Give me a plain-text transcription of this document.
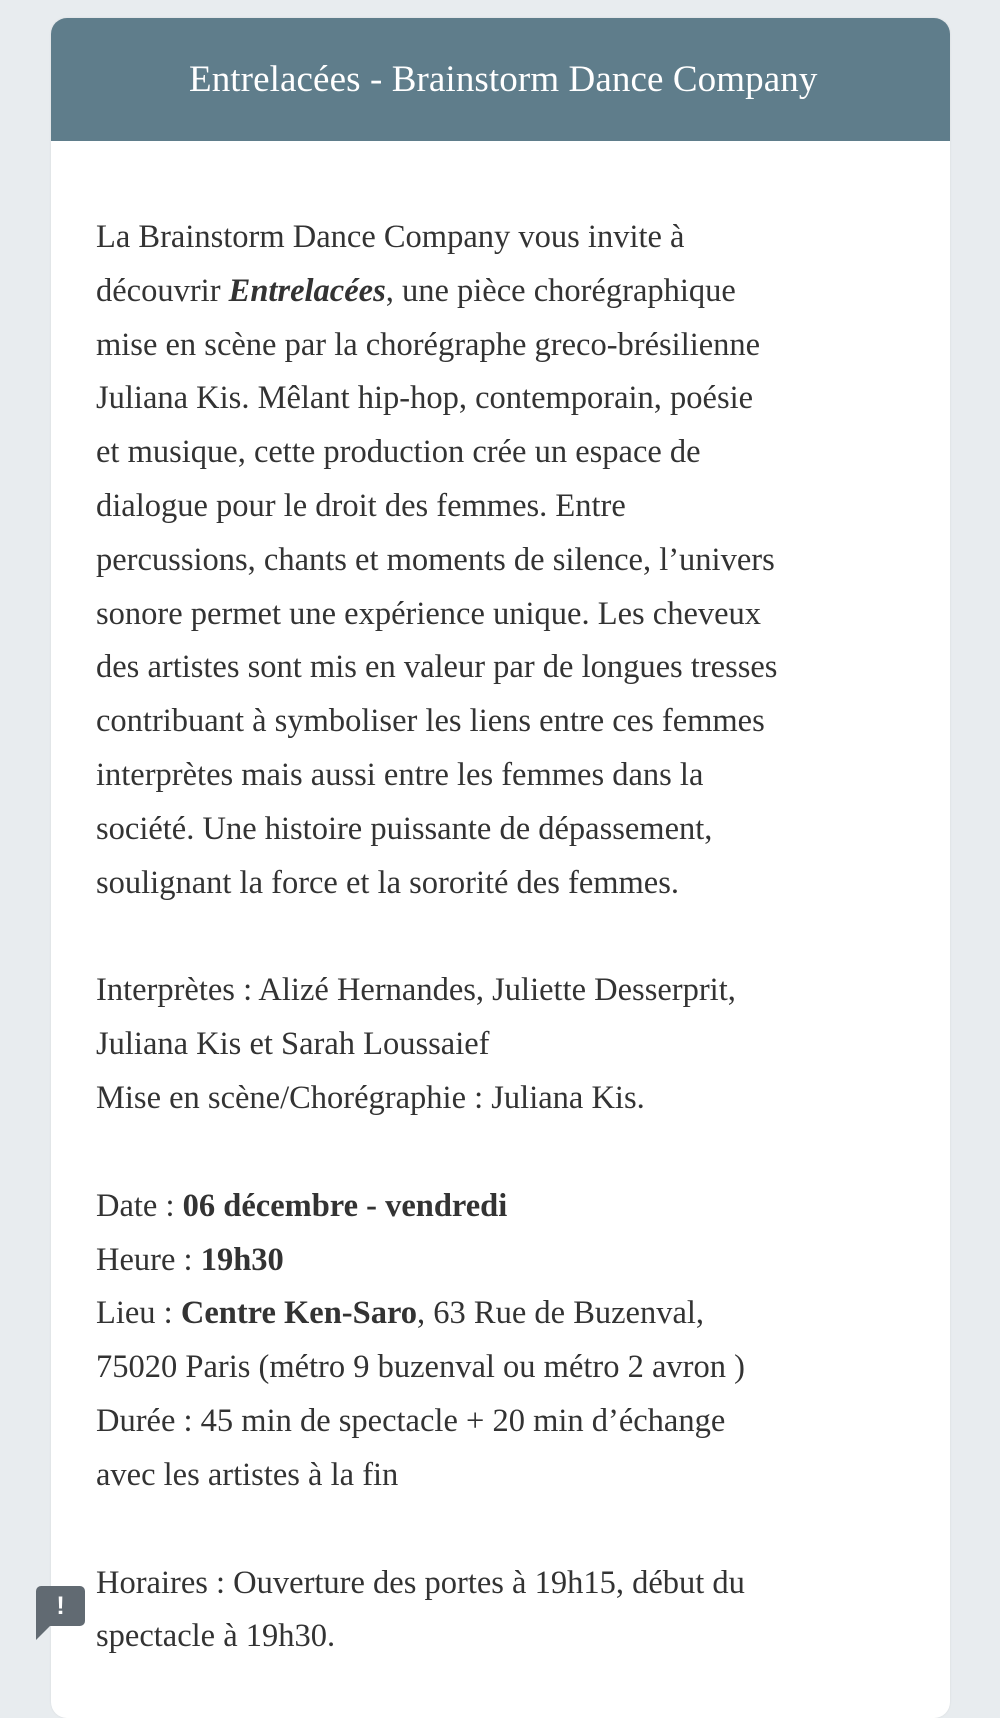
Entrelacées - Brainstorm Dance Company
La Brainstorm Dance Company vous invite à
découvrir Entrelacées, une pièce chorégraphique
mise en scène par la chorégraphe greco-brésilienne
Juliana Kis. Mêlant hip-hop, contemporain, poésie
et musique, cette production crée un espace de
dialogue pour le droit des femmes. Entre
percussions, chants et moments de silence, l’univers
sonore permet une expérience unique. Les cheveux
des artistes sont mis en valeur par de longues tresses
contribuant à symboliser les liens entre ces femmes
interprètes mais aussi entre les femmes dans la
société. Une histoire puissante de dépassement,
soulignant la force et la sororité des femmes.
Interprètes : Alizé Hernandes, Juliette Desserprit,
Juliana Kis et Sarah Loussaief
Mise en scène/Chorégraphie : Juliana Kis.
Date : 06 décembre - vendredi
Heure : 19h30
Lieu : Centre Ken-Saro, 63 Rue de Buzenval,
75020 Paris (métro 9 buzenval ou métro 2 avron )
Durée : 45 min de spectacle + 20 min d’échange
avec les artistes à la fin
Horaires : Ouverture des portes à 19h15, début du
spectacle à 19h30.
!
